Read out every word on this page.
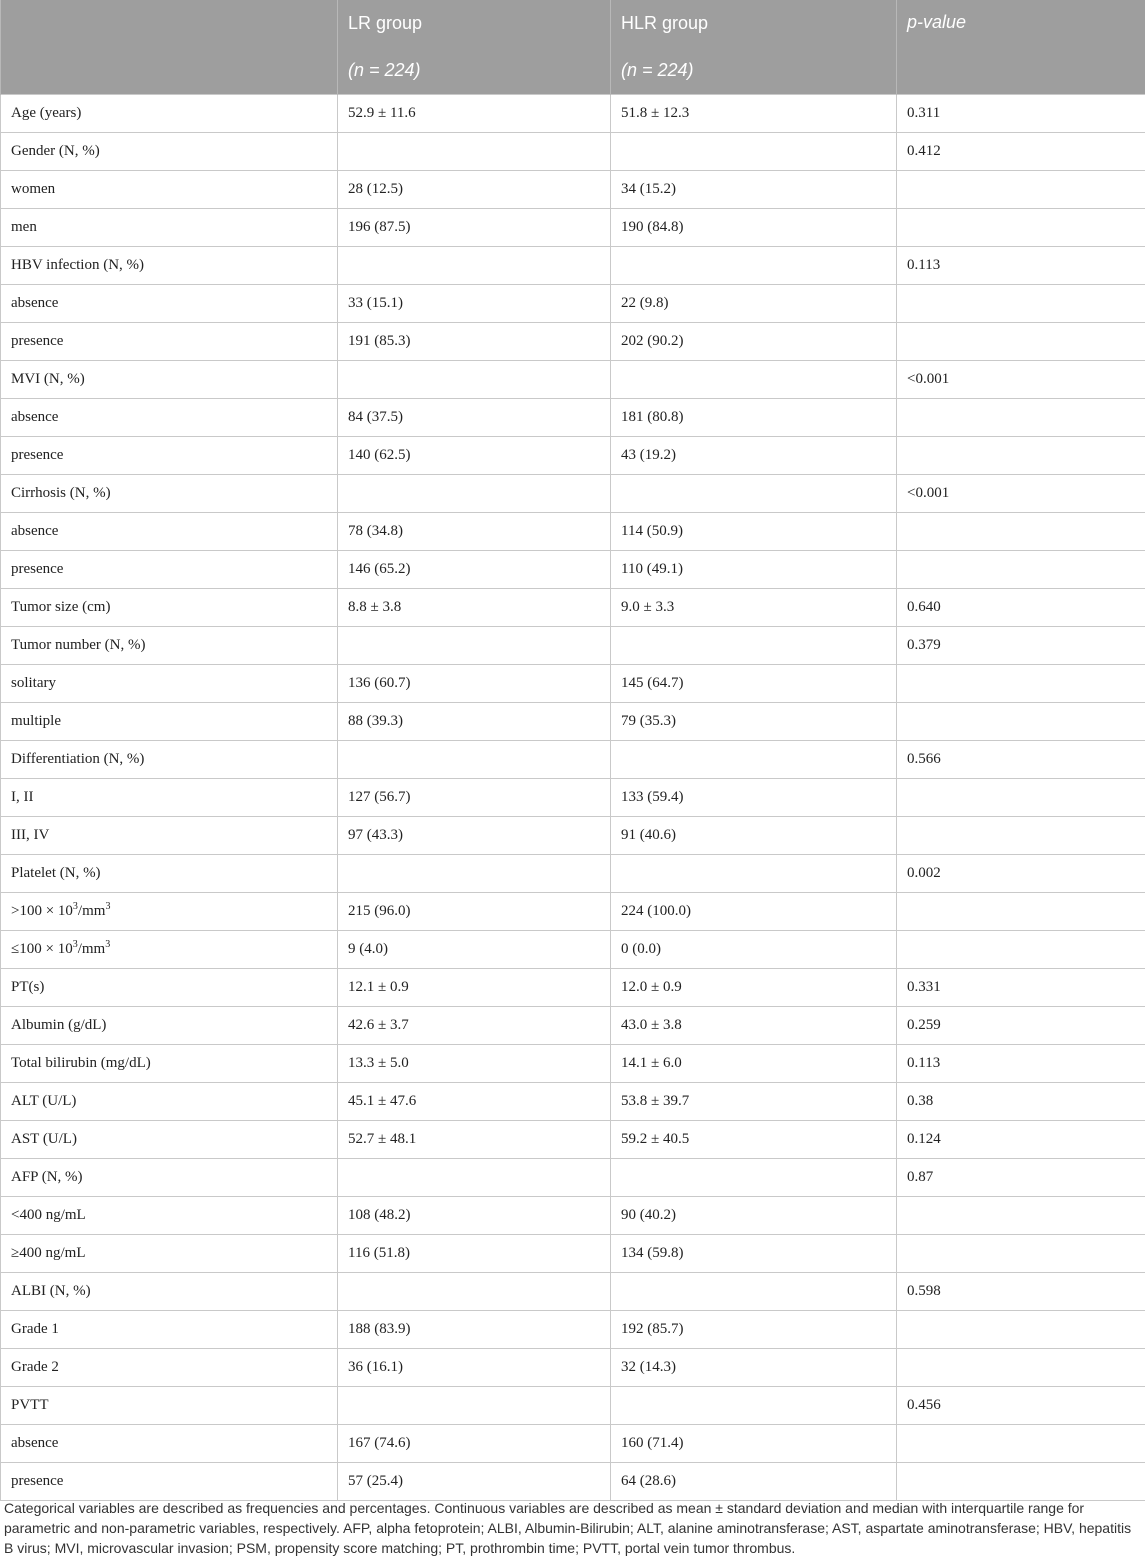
	LR group	HLR group	p-value
	(n = 224)	(n = 224)	
Age (years)	52.9 ± 11.6	51.8 ± 12.3	0.311
Gender (N, %)			0.412
women	28 (12.5)	34 (15.2)	
men	196 (87.5)	190 (84.8)	
HBV infection (N, %)			0.113
absence	33 (15.1)	22 (9.8)	
presence	191 (85.3)	202 (90.2)	
MVI (N, %)			<0.001
absence	84 (37.5)	181 (80.8)	
presence	140 (62.5)	43 (19.2)	
Cirrhosis (N, %)			<0.001
absence	78 (34.8)	114 (50.9)	
presence	146 (65.2)	110 (49.1)	
Tumor size (cm)	8.8 ± 3.8	9.0 ± 3.3	0.640
Tumor number (N, %)			0.379
solitary	136 (60.7)	145 (64.7)	
multiple	88 (39.3)	79 (35.3)	
Differentiation (N, %)			0.566
I, II	127 (56.7)	133 (59.4)	
III, IV	97 (43.3)	91 (40.6)	
Platelet (N, %)			0.002
$>100 \times 10^3/mm^3$	215 (96.0)	224 (100.0)	
$\le 100 \times 10^3/mm^3$	9 (4.0)	0 (0.0)	
PT(s)	12.1 ± 0.9	12.0 ± 0.9	0.331
Albumin (g/dL)	42.6 ± 3.7	43.0 ± 3.8	0.259
Total bilirubin (mg/dL)	13.3 ± 5.0	14.1 ± 6.0	0.113
ALT (U/L)	45.1 ± 47.6	53.8 ± 39.7	0.38
AST (U/L)	52.7 ± 48.1	59.2 ± 40.5	0.124
AFP (N, %)			0.87
<400 ng/mL	108 (48.2)	90 (40.2)	
≥400 ng/mL	116 (51.8)	134 (59.8)	
ALBI (N, %)			0.598
Grade 1	188 (83.9)	192 (85.7)	
Grade 2	36 (16.1)	32 (14.3)	
PVTT			0.456
absence	167 (74.6)	160 (71.4)	
presence	57 (25.4)	64 (28.6)	
Categorical variables are described as frequencies and percentages. Continuous variables are described as mean ± standard deviation and median with interquartile range for parametric and non-parametric variables, respectively. AFP, alpha fetoprotein; ALBI, Albumin-Bilirubin; ALT, alanine aminotransferase; AST, aspartate aminotransferase; HBV, hepatitis B virus; MVI, microvascular invasion; PSM, propensity score matching; PT, prothrombin time; PVTT, portal vein tumor thrombus.
